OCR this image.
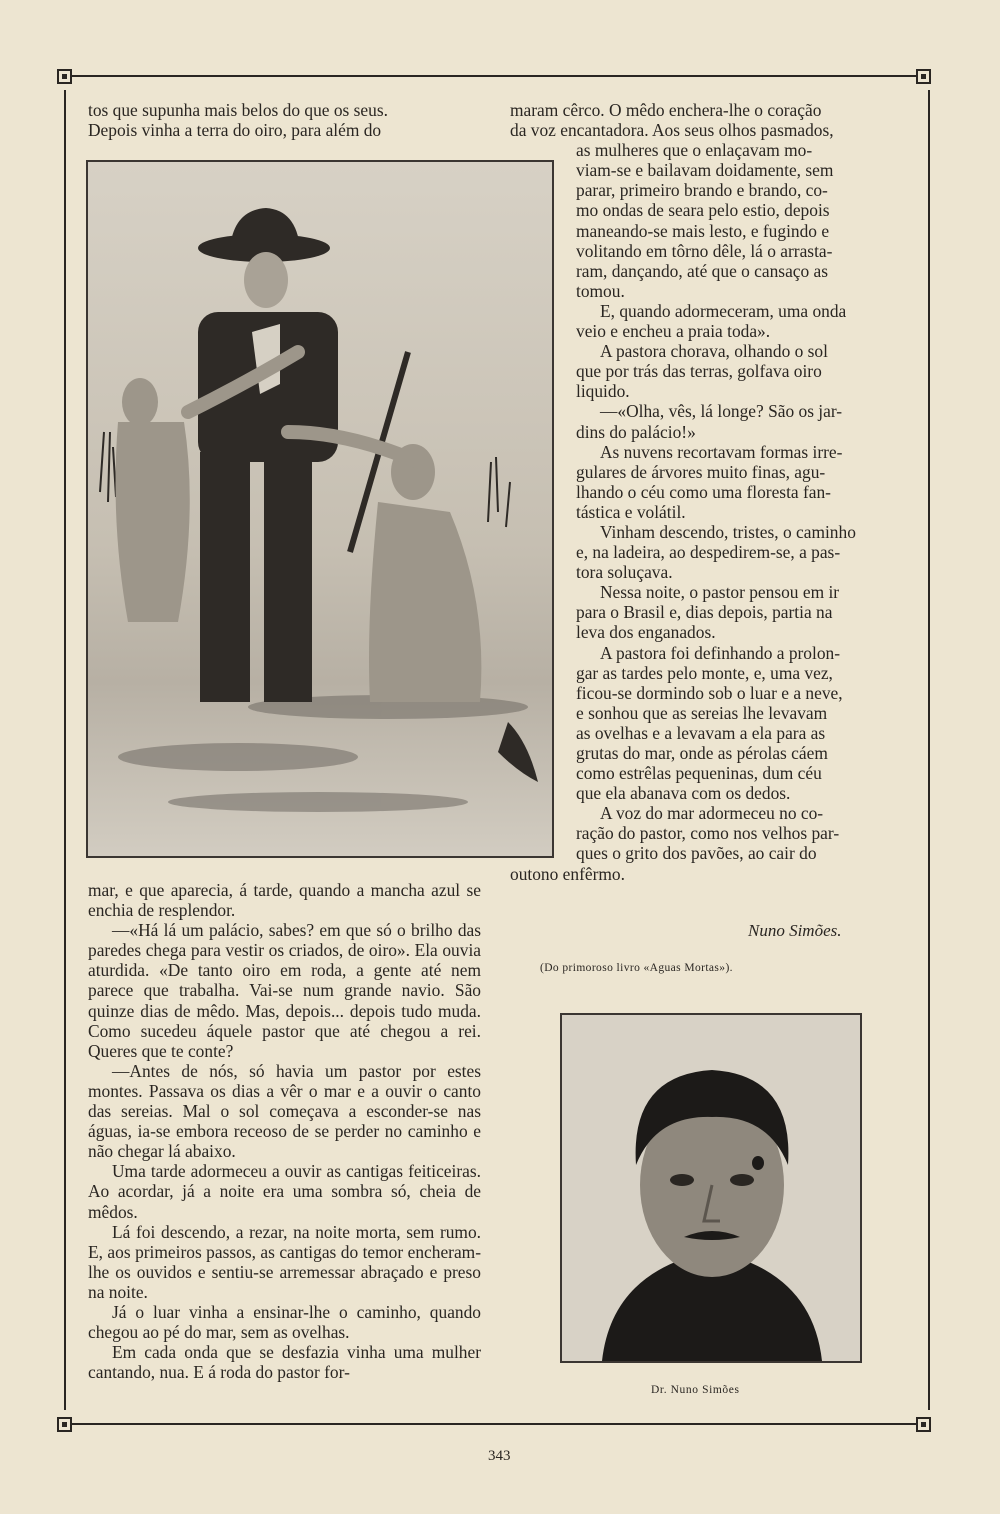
tos que supunha mais belos do que os seus.

Depois vinha a terra do oiro, para além do

mar, e que aparecia, á tarde, quando a mancha azul se enchia de resplendor.

—«Há lá um palácio, sabes? em que só o brilho das paredes chega para vestir os criados, de oiro». Ela ouvia aturdida. «De tanto oiro em roda, a gente até nem parece que trabalha. Vai-se num grande navio. São quinze dias de mêdo. Mas, depois... depois tudo muda. Como sucedeu áquele pastor que até chegou a rei. Queres que te conte?

—Antes de nós, só havia um pastor por estes montes. Passava os dias a vêr o mar e a ouvir o canto das sereias. Mal o sol começava a esconder-se nas águas, ia-se embora receoso de se perder no caminho e não chegar lá abaixo.

Uma tarde adormeceu a ouvir as cantigas feiticeiras. Ao acordar, já a noite era uma sombra só, cheia de mêdos.

Lá foi descendo, a rezar, na noite morta, sem rumo. E, aos primeiros passos, as cantigas do temor encheram-lhe os ouvidos e sentiu-se arremessar abraçado e preso na noite.

Já o luar vinha a ensinar-lhe o caminho, quando chegou ao pé do mar, sem as ovelhas.

Em cada onda que se desfazia vinha uma mulher cantando, nua. E á roda do pastor for-

maram cêrco. O mêdo enchera-lhe o coração

da voz encantadora. Aos seus olhos pasmados,

as mulheres que o enlaçavam mo-

viam-se e bailavam doidamente, sem

parar, primeiro brando e brando, co-

mo ondas de seara pelo estio, depois

maneando-se mais lesto, e fugindo e

volitando em tôrno dêle, lá o arrasta-

ram, dançando, até que o cansaço as

tomou.

E, quando adormeceram, uma onda

veio e encheu a praia toda».

A pastora chorava, olhando o sol

que por trás das terras, golfava oiro

liquido.

—«Olha, vês, lá longe? São os jar-

dins do palácio!»

As nuvens recortavam formas irre-

gulares de árvores muito finas, agu-

lhando o céu como uma floresta fan-

tástica e volátil.

Vinham descendo, tristes, o caminho

e, na ladeira, ao despedirem-se, a pas-

tora soluçava.

Nessa noite, o pastor pensou em ir

para o Brasil e, dias depois, partia na

leva dos enganados.

A pastora foi definhando a prolon-

gar as tardes pelo monte, e, uma vez,

ficou-se dormindo sob o luar e a neve,

e sonhou que as sereias lhe levavam

as ovelhas e a levavam a ela para as

grutas do mar, onde as pérolas cáem

como estrêlas pequeninas, dum céu

que ela abanava com os dedos.

A voz do mar adormeceu no co-

ração do pastor, como nos velhos par-

ques o grito dos pavões, ao cair do

outono enfêrmo.

Nuno Simões.
(Do primoroso livro «Aguas Mortas»).
Dr. Nuno Simões
343
